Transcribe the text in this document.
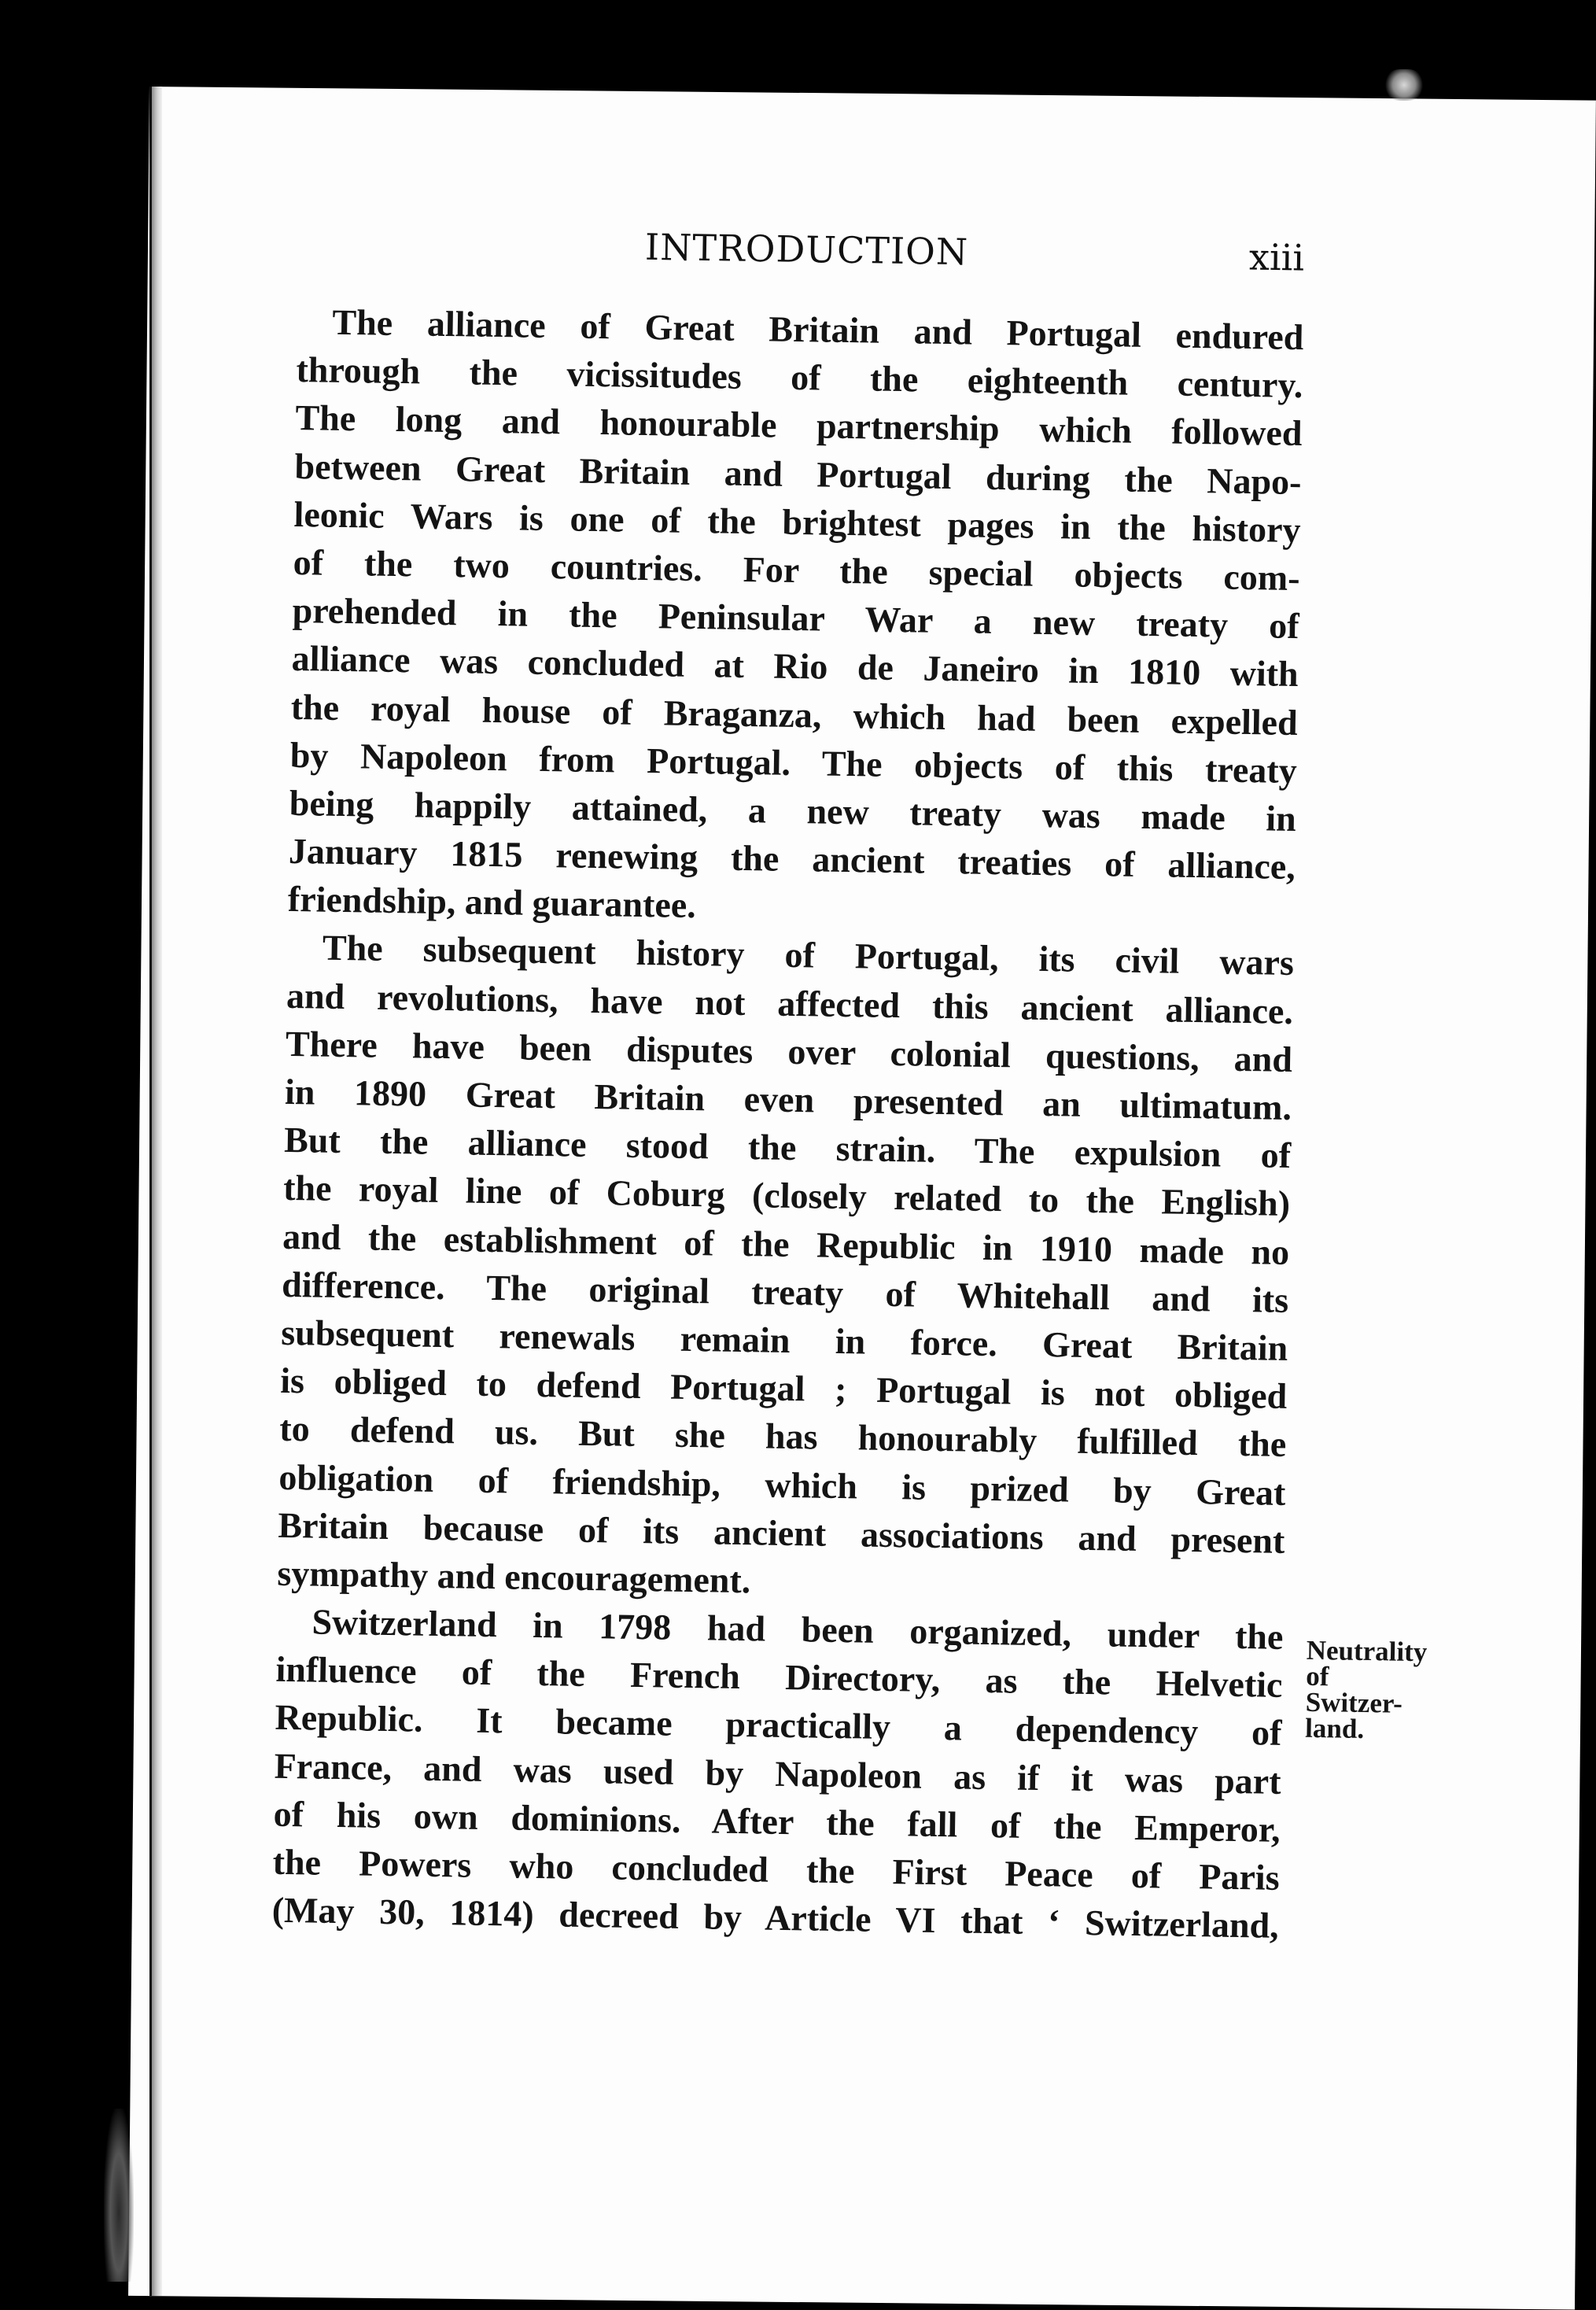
INTRODUCTION	xiii
The alliance of Great Britain and Portugal endured
through the vicissitudes of the eighteenth century.
The long and honourable partnership which followed
between Great Britain and Portugal during the Napo-
leonic Wars is one of the brightest pages in the history
of the two countries. For the special objects com-
prehended in the Peninsular War a new treaty of
alliance was concluded at Rio de Janeiro in 1810 with
the royal house of Braganza, which had been expelled
by Napoleon from Portugal. The objects of this treaty
being happily attained, a new treaty was made in
January 1815 renewing the ancient treaties of alliance,
friendship, and guarantee.
The subsequent history of Portugal, its civil wars
and revolutions, have not affected this ancient alliance.
There have been disputes over colonial questions, and
in 1890 Great Britain even presented an ultimatum.
But the alliance stood the strain. The expulsion of
the royal line of Coburg (closely related to the English)
and the establishment of the Republic in 1910 made no
difference. The original treaty of Whitehall and its
subsequent renewals remain in force. Great Britain
is obliged to defend Portugal ; Portugal is not obliged
to defend us. But she has honourably fulfilled the
obligation of friendship, which is prized by Great
Britain because of its ancient associations and present
sympathy and encouragement.
Switzerland in 1798 had been organized, under the
influence of the French Directory, as the Helvetic
Republic. It became practically a dependency of
France, and was used by Napoleon as if it was part
of his own dominions. After the fall of the Emperor,
the Powers who concluded the First Peace of Paris
(May 30, 1814) decreed by Article VI that ‘ Switzerland,
Neutrality
of
Switzer-
land.
